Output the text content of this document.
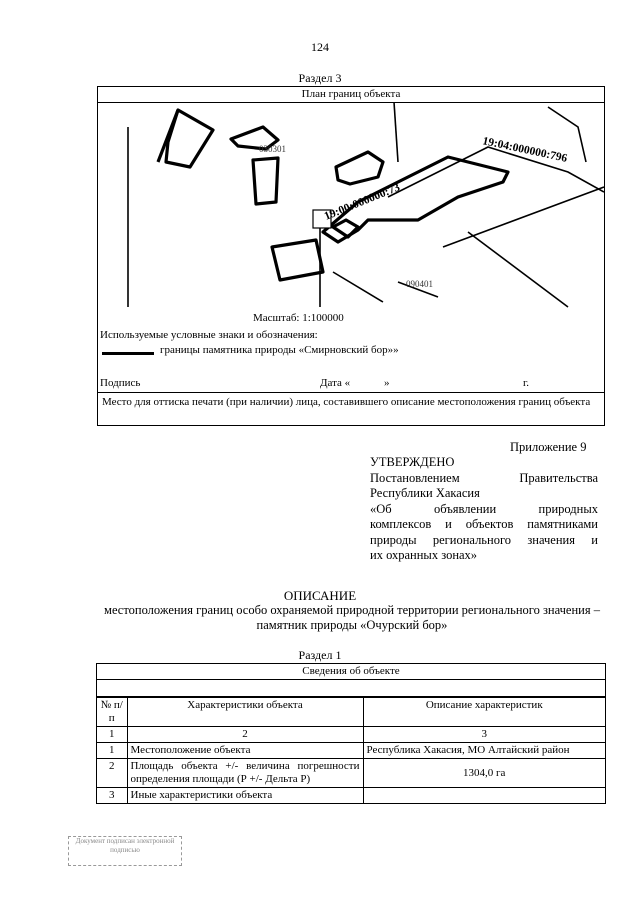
124
Раздел 3
План границ объекта
19:04:000000:796
19:00:000000:73
030301
090401
Масштаб: 1:100000
Используемые условные знаки и обозначения:
границы памятника природы «Смирновский бор»»
Подпись	Дата «	»	г.
Место для оттиска печати (при наличии) лица, составившего описание местоположения границ объекта
Приложение 9
УТВЕРЖДЕНО
Постановлением Правительства
Республики Хакасия
«Об объявлении природных
комплексов и объектов памятниками
природы регионального значения и
их охранных зонах»
ОПИСАНИЕ
местоположения границ особо охраняемой природной территории регионального значения – памятник природы «Очурский бор»
Раздел 1
Сведения об объекте
№ п/п	Характеристики объекта	Описание характеристик
1	2	3
1	Местоположение объекта	Республика Хакасия, МО Алтайский район
2	Площадь объекта +/- величина погрешности определения площади (Р +/- Дельта Р)	1304,0 га
3	Иные характеристики объекта	
Документ подписан электронной подписью
